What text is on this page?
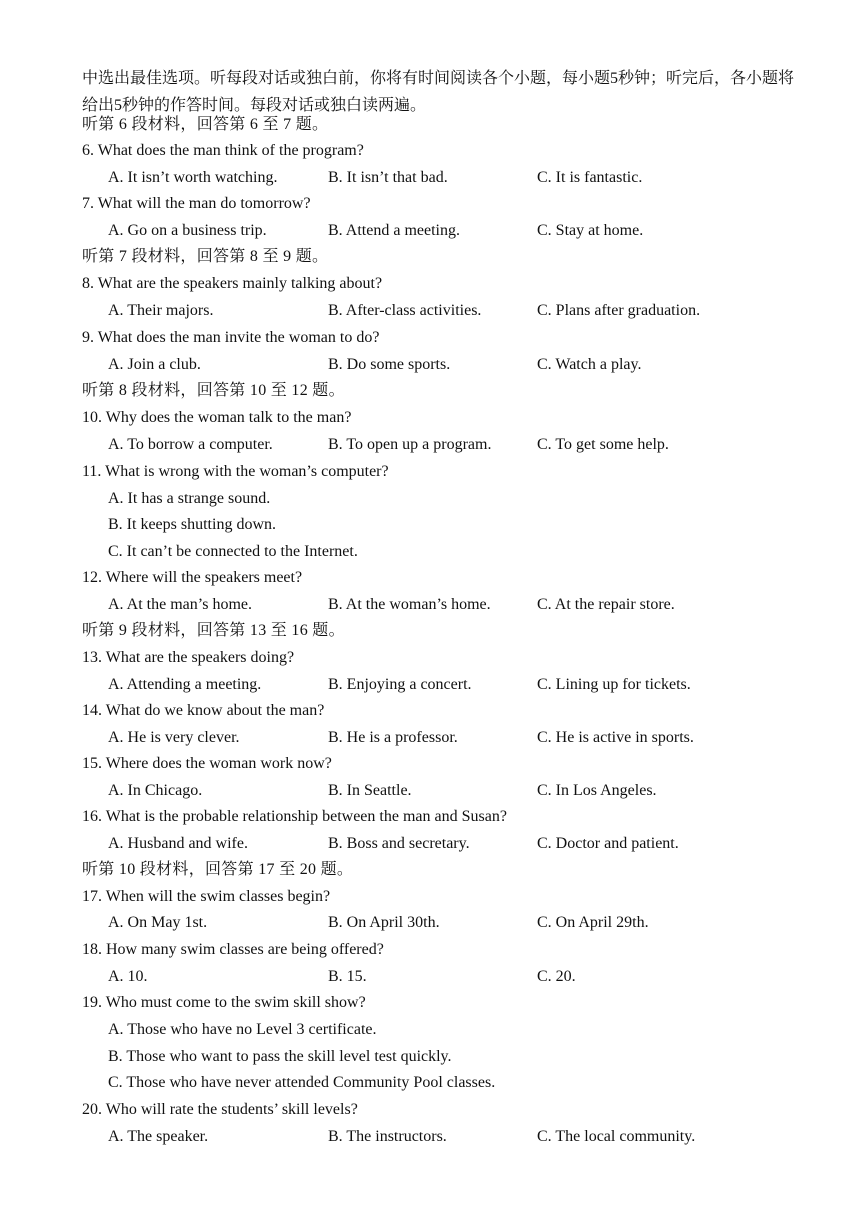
中选出最佳选项。听每段对话或独白前，你将有时间阅读各个小题，每小题5秒钟；听完后，各小题将给出5秒钟的作答时间。每段对话或独白读两遍。
听第 6 段材料，回答第 6 至 7 题。
6. What does the man think of the program?
A. It isn’t worth watching.	B. It isn’t that bad.	C. It is fantastic.
7. What will the man do tomorrow?
A. Go on a business trip.	B. Attend a meeting.	C. Stay at home.
听第 7 段材料，回答第 8 至 9 题。
8. What are the speakers mainly talking about?
A. Their majors.	B. After-class activities.	C. Plans after graduation.
9. What does the man invite the woman to do?
A. Join a club.	B. Do some sports.	C. Watch a play.
听第 8 段材料，回答第 10 至 12 题。
10. Why does the woman talk to the man?
A. To borrow a computer.	B. To open up a program.	C. To get some help.
11. What is wrong with the woman’s computer?
A. It has a strange sound.
B. It keeps shutting down.
C. It can’t be connected to the Internet.
12. Where will the speakers meet?
A. At the man’s home.	B. At the woman’s home.	C. At the repair store.
听第 9 段材料，回答第 13 至 16 题。
13. What are the speakers doing?
A. Attending a meeting.	B. Enjoying a concert.	C. Lining up for tickets.
14. What do we know about the man?
A. He is very clever.	B. He is a professor.	C. He is active in sports.
15. Where does the woman work now?
A. In Chicago.	B. In Seattle.	C. In Los Angeles.
16. What is the probable relationship between the man and Susan?
A. Husband and wife.	B. Boss and secretary.	C. Doctor and patient.
听第 10 段材料，回答第 17 至 20 题。
17. When will the swim classes begin?
A. On May 1st.	B. On April 30th.	C. On April 29th.
18. How many swim classes are being offered?
A. 10.	B. 15.	C. 20.
19. Who must come to the swim skill show?
A. Those who have no Level 3 certificate.
B. Those who want to pass the skill level test quickly.
C. Those who have never attended Community Pool classes.
20. Who will rate the students’ skill levels?
A. The speaker.	B. The instructors.	C. The local community.
